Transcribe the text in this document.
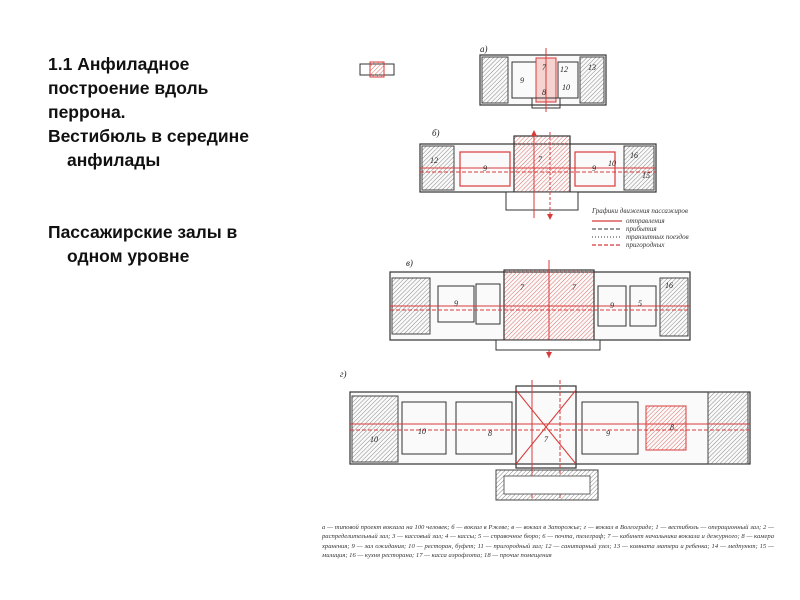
1.1 Анфиладное

построение вдоль

перрона.

Вестибюль в середине

анфилады

Пассажирские залы в

одном уровне

а)
9
7 12
10
8
13
б)
9	9
10
12	7	16
15
Графики движения пассажиров
отправления
прибытия
транзитных поездов
пригородных
в)
9	9
7	7	16
5
г)
10	8	9
7
8
10
а — типовой проект вокзала на 100 человек; б — вокзал в Ржеве; в — вокзал в Запорожье; г — вокзал в Волгограде; 1 — вестибюль — операционный зал; 2 — распределительный зал; 3 — кассовый зал; 4 — кассы; 5 — справочное бюро; 6 — почта, телеграф; 7 — кабинет начальника вокзала и дежурного; 8 — камера хранения; 9 — зал ожидания; 10 — ресторан, буфет; 11 — пригородный зал; 12 — санитарный узел; 13 — комната матери и ребенка; 14 — медпункт; 15 — милиция; 16 — кухня ресторана; 17 — касса аэрофлота; 18 — прочие помещения
